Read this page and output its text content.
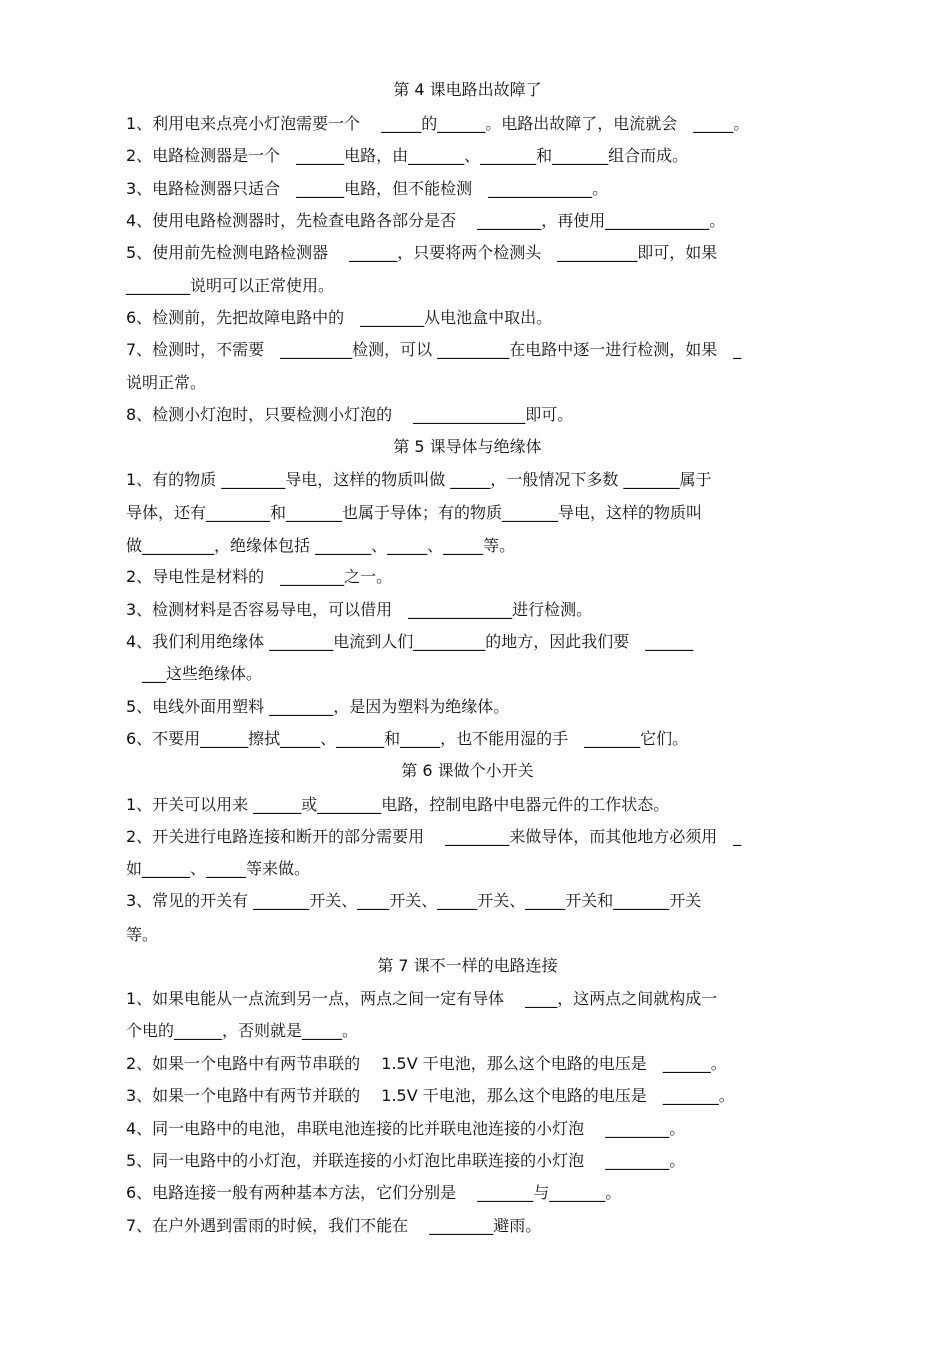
第 4 课电路出故障了
1、利用电来点亮小灯泡需要一个　 _____的______。电路出故障了，电流就会　_____。
2、电路检测器是一个　______电路，由_______、_______和_______组合而成。
3、电路检测器只适合　______电路，但不能检测　_____________。
4、使用电路检测器时，先检查电路各部分是否　 ________，再使用_____________。
5、使用前先检测电路检测器　 ______，只要将两个检测头　__________即可，如果
________说明可以正常使用。
6、检测前，先把故障电路中的　________从电池盒中取出。
7、检测时，不需要　_________检测，可以 _________在电路中逐一进行检测，如果　_
说明正常。
8、检测小灯泡时，只要检测小灯泡的　 ______________即可。
第 5 课导体与绝缘体
1、有的物质 ________导电，这样的物质叫做 _____，一般情况下多数 _______属于
导体，还有________和_______也属于导体；有的物质_______导电，这样的物质叫
做_________，绝缘体包括 _______、_____、_____等。
2、导电性是材料的　________之一。
3、检测材料是否容易导电，可以借用　_____________进行检测。
4、我们利用绝缘体 ________电流到人们_________的地方，因此我们要　______
　___这些绝缘体。
5、电线外面用塑料 ________，是因为塑料为绝缘体。
6、不要用______擦拭_____、______和_____，也不能用湿的手　_______它们。
第 6 课做个小开关
1、开关可以用来 ______或________电路，控制电路中电器元件的工作状态。
2、开关进行电路连接和断开的部分需要用　 ________来做导体，而其他地方必须用　_
如______、_____等来做。
3、常见的开关有 _______开关、____开关、_____开关、_____开关和_______开关
等。
第 7 课不一样的电路连接
1、如果电能从一点流到另一点，两点之间一定有导体　 ____，这两点之间就构成一
个电的______，否则就是_____。
2、如果一个电路中有两节串联的　 1.5V 干电池，那么这个电路的电压是　______。
3、如果一个电路中有两节并联的　 1.5V 干电池，那么这个电路的电压是　_______。
4、同一电路中的电池，串联电池连接的比并联电池连接的小灯泡　 ________。
5、同一电路中的小灯泡，并联连接的小灯泡比串联连接的小灯泡　 ________。
6、电路连接一般有两种基本方法，它们分别是　 _______与_______。
7、在户外遇到雷雨的时候，我们不能在　 ________避雨。
